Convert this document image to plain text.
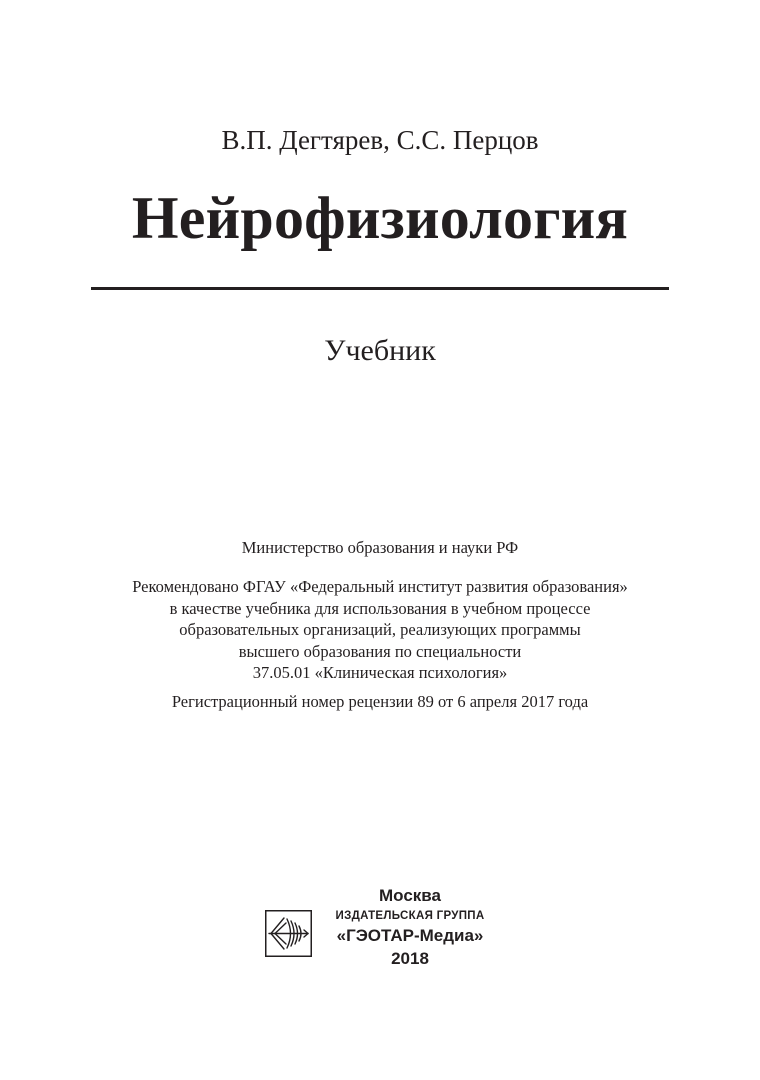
В.П. Дегтярев, С.С. Перцов
Нейрофизиология
Учебник
Министерство образования и науки РФ
Рекомендовано ФГАУ «Федеральный институт развития образования»
в качестве учебника для использования в учебном процессе
образовательных организаций, реализующих программы
высшего образования по специальности
37.05.01 «Клиническая психология»
Регистрационный номер рецензии 89 от 6 апреля 2017 года
Москва
ИЗДАТЕЛЬСКАЯ ГРУППА
«ГЭОТАР-Медиа»
2018
